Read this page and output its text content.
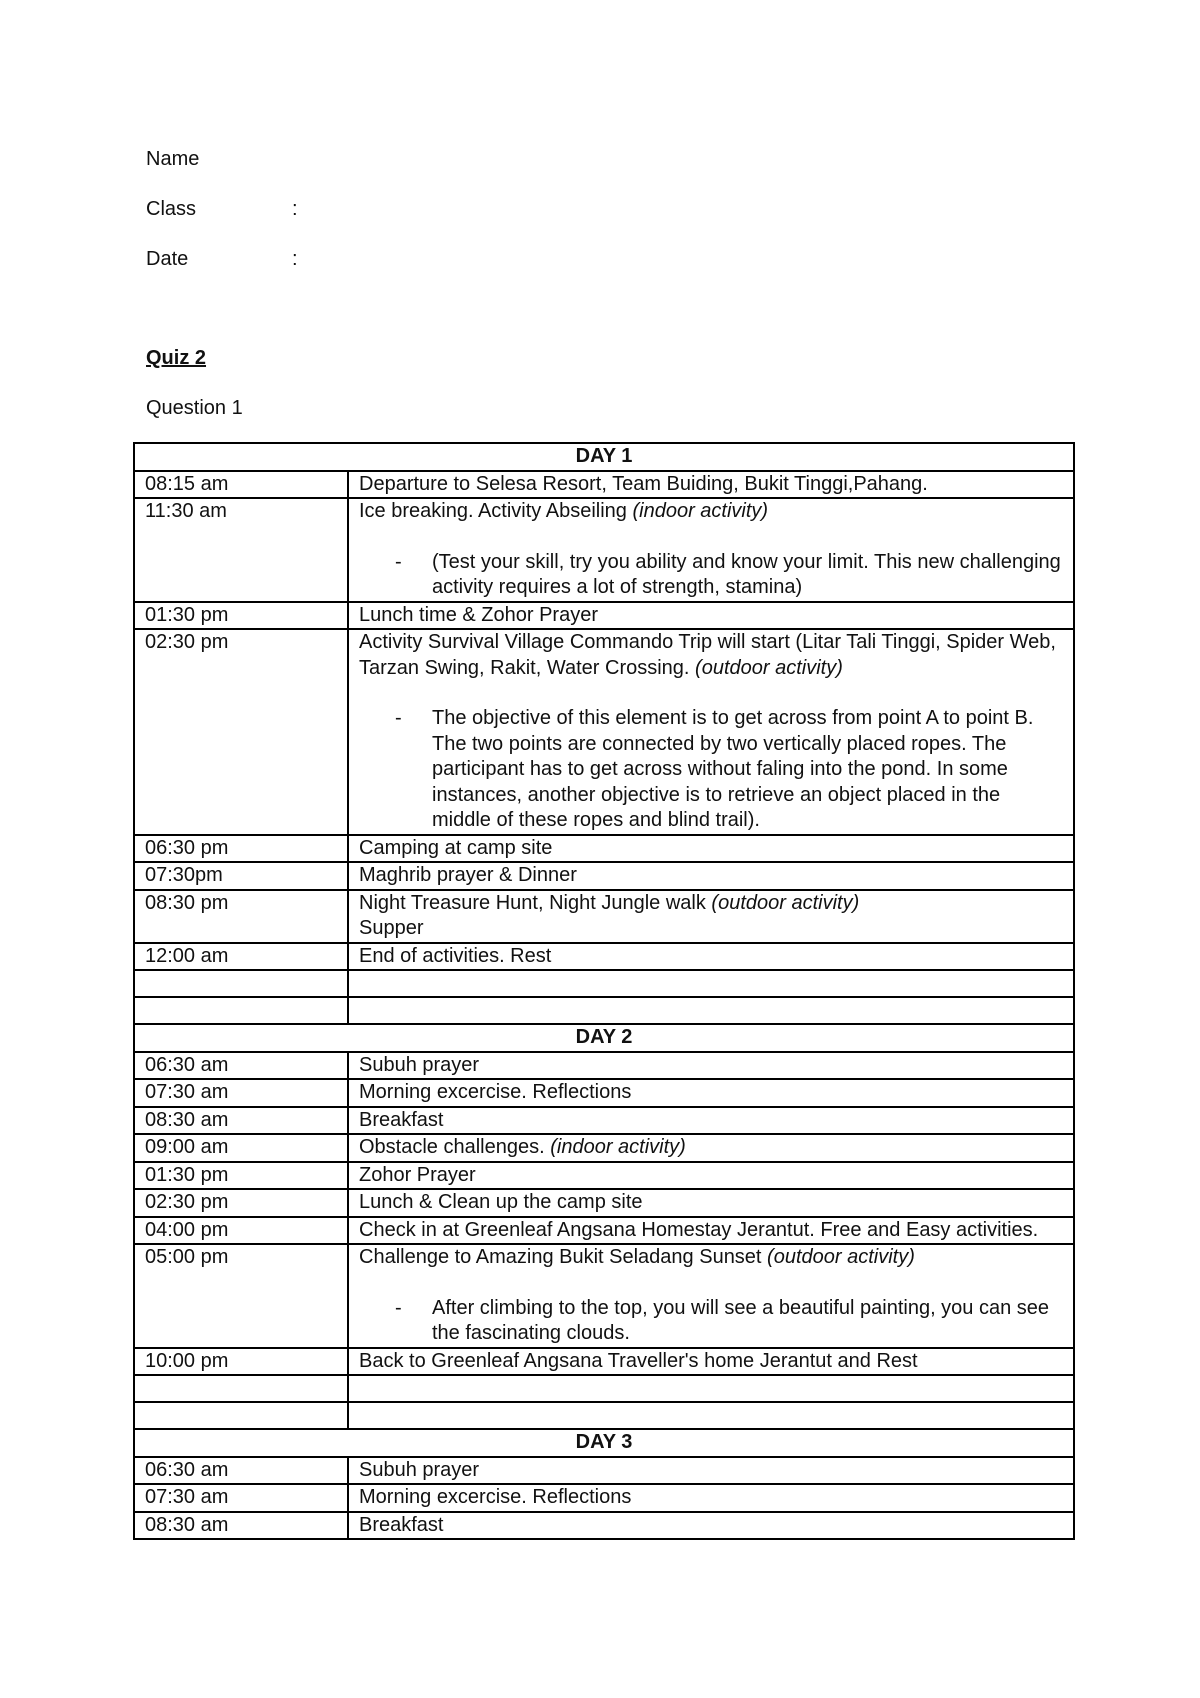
Name
Class	:
Date	:
Quiz 2
Question 1
DAY 1	
08:15 am	Departure to Selesa Resort, Team Buiding, Bukit Tinggi,Pahang.
11:30 am	Ice breaking. Activity Abseiling (indoor activity)
- (Test your skill, try you ability and know your limit. This new challenging activity requires a lot of strength, stamina)

01:30 pm	Lunch time & Zohor Prayer
02:30 pm	Activity Survival Village Commando Trip will start (Litar Tali Tinggi, Spider Web, Tarzan Swing, Rakit, Water Crossing. (outdoor activity)
- The objective of this element is to get across from point A to point B. The two points are connected by two vertically placed ropes. The participant has to get across without faling into the pond. In some instances, another objective is to retrieve an object placed in the middle of these ropes and blind trail).

06:30 pm	Camping at camp site
07:30pm	Maghrib prayer & Dinner
08:30 pm	Night Treasure Hunt, Night Jungle walk (outdoor activity)
Supper
12:00 am	End of activities. Rest

DAY 2	
06:30 am	Subuh prayer
07:30 am	Morning excercise. Reflections
08:30 am	Breakfast
09:00 am	Obstacle challenges. (indoor activity)
01:30 pm	Zohor Prayer
02:30 pm	Lunch & Clean up the camp site
04:00 pm	Check in at Greenleaf Angsana Homestay Jerantut. Free and Easy activities.
05:00 pm	Challenge to Amazing Bukit Seladang Sunset (outdoor activity)
- After climbing to the top, you will see a beautiful painting, you can see the fascinating clouds.

10:00 pm	Back to Greenleaf Angsana Traveller's home Jerantut and Rest

DAY 3	
06:30 am	Subuh prayer
07:30 am	Morning excercise. Reflections
08:30 am	Breakfast
